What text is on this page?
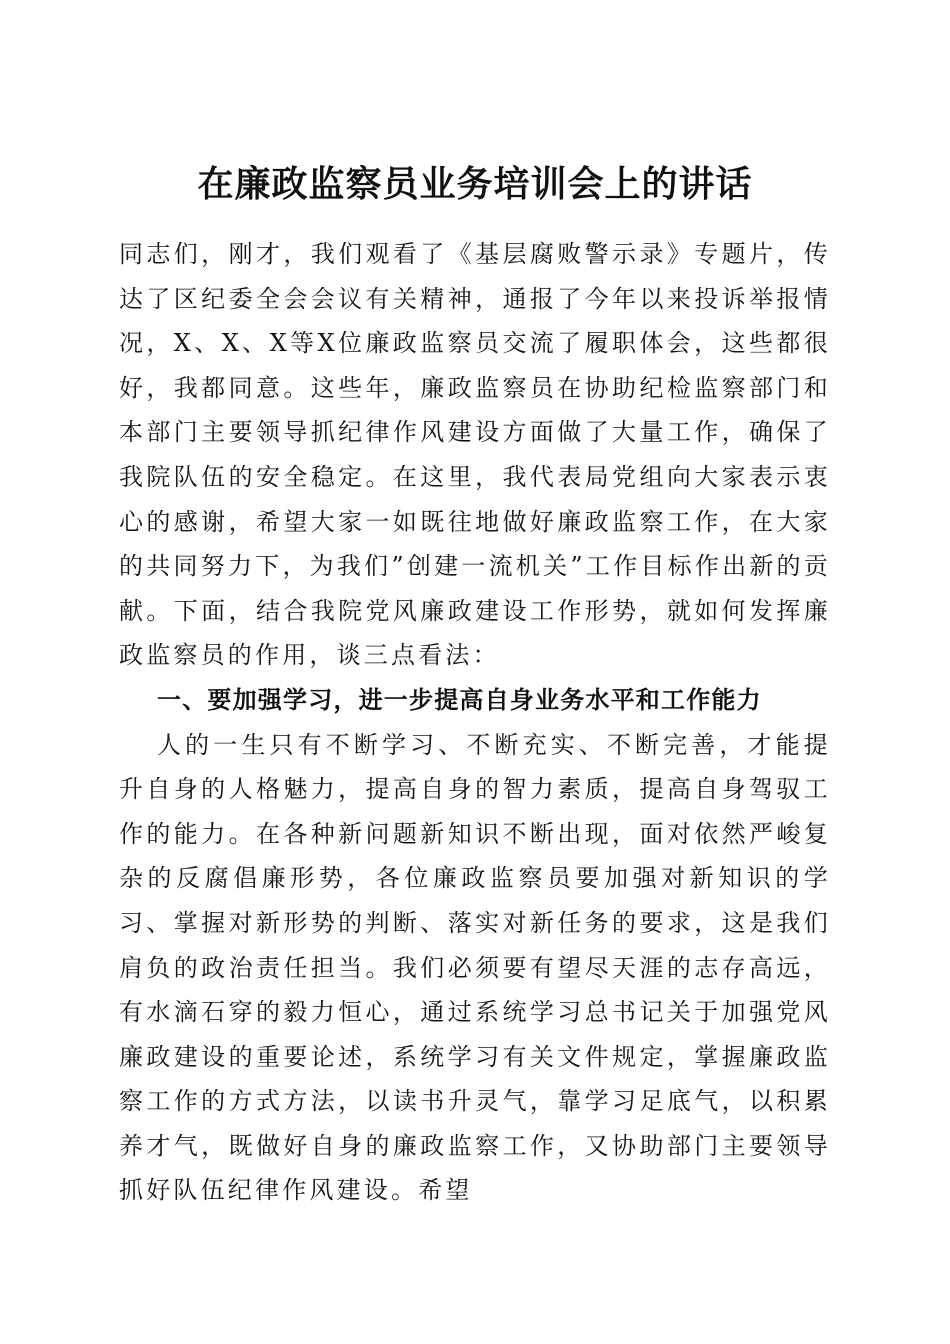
在廉政监察员业务培训会上的讲话

同志们，刚才，我们观看了《基层腐败警示录》专题片，传达了区纪委全会会议有关精神，通报了今年以来投诉举报情况，X、X、X等X位廉政监察员交流了履职体会，这些都很好，我都同意。这些年，廉政监察员在协助纪检监察部门和本部门主要领导抓纪律作风建设方面做了大量工作，确保了我院队伍的安全稳定。在这里，我代表局党组向大家表示衷心的感谢，希望大家一如既往地做好廉政监察工作，在大家的共同努力下，为我们”创建一流机关”工作目标作出新的贡献。下面，结合我院党风廉政建设工作形势，就如何发挥廉政监察员的作用，谈三点看法：

一、要加强学习，进一步提高自身业务水平和工作能力

人的一生只有不断学习、不断充实、不断完善，才能提升自身的人格魅力，提高自身的智力素质，提高自身驾驭工作的能力。在各种新问题新知识不断出现，面对依然严峻复杂的反腐倡廉形势，各位廉政监察员要加强对新知识的学习、掌握对新形势的判断、落实对新任务的要求，这是我们肩负的政治责任担当。我们必须要有望尽天涯的志存高远，有水滴石穿的毅力恒心，通过系统学习总书记关于加强党风廉政建设的重要论述，系统学习有关文件规定，掌握廉政监察工作的方式方法，以读书升灵气，靠学习足底气，以积累养才气，既做好自身的廉政监察工作，又协助部门主要领导抓好队伍纪律作风建设。希望
